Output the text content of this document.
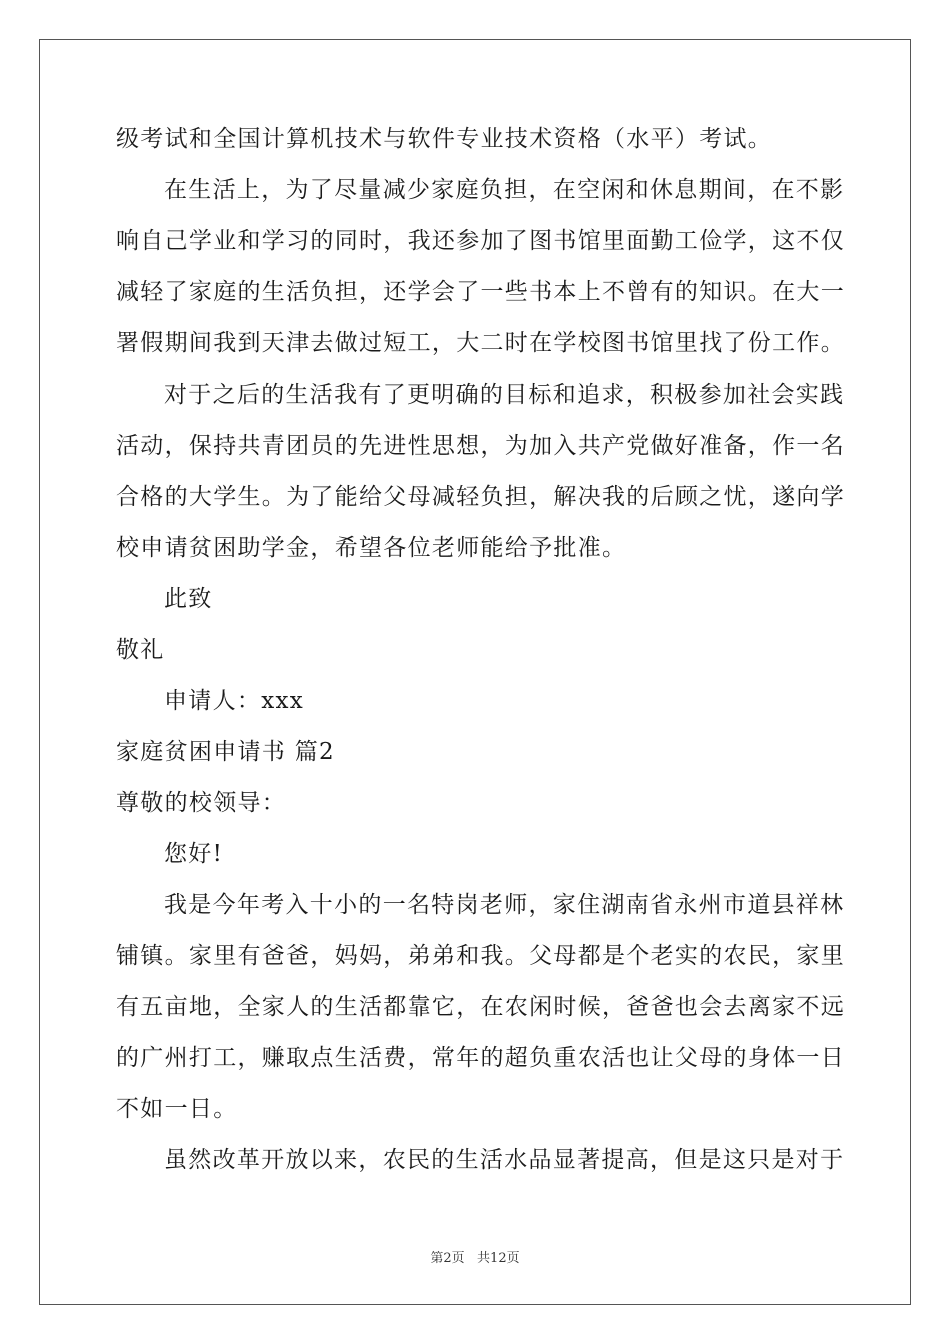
级考试和全国计算机技术与软件专业技术资格（水平）考试。
在生活上，为了尽量减少家庭负担，在空闲和休息期间，在不影
响自己学业和学习的同时，我还参加了图书馆里面勤工俭学，这不仅
减轻了家庭的生活负担，还学会了一些书本上不曾有的知识。在大一
署假期间我到天津去做过短工，大二时在学校图书馆里找了份工作。
对于之后的生活我有了更明确的目标和追求，积极参加社会实践
活动，保持共青团员的先进性思想，为加入共产党做好准备，作一名
合格的大学生。为了能给父母减轻负担，解决我的后顾之忧，遂向学
校申请贫困助学金，希望各位老师能给予批准。
此致
敬礼
申请人：xxx
家庭贫困申请书 篇2
尊敬的校领导：
您好!
我是今年考入十小的一名特岗老师，家住湖南省永州市道县祥林
铺镇。家里有爸爸，妈妈，弟弟和我。父母都是个老实的农民，家里
有五亩地，全家人的生活都靠它，在农闲时候，爸爸也会去离家不远
的广州打工，赚取点生活费，常年的超负重农活也让父母的身体一日
不如一日。
虽然改革开放以来，农民的生活水品显著提高，但是这只是对于
第2页   共12页
